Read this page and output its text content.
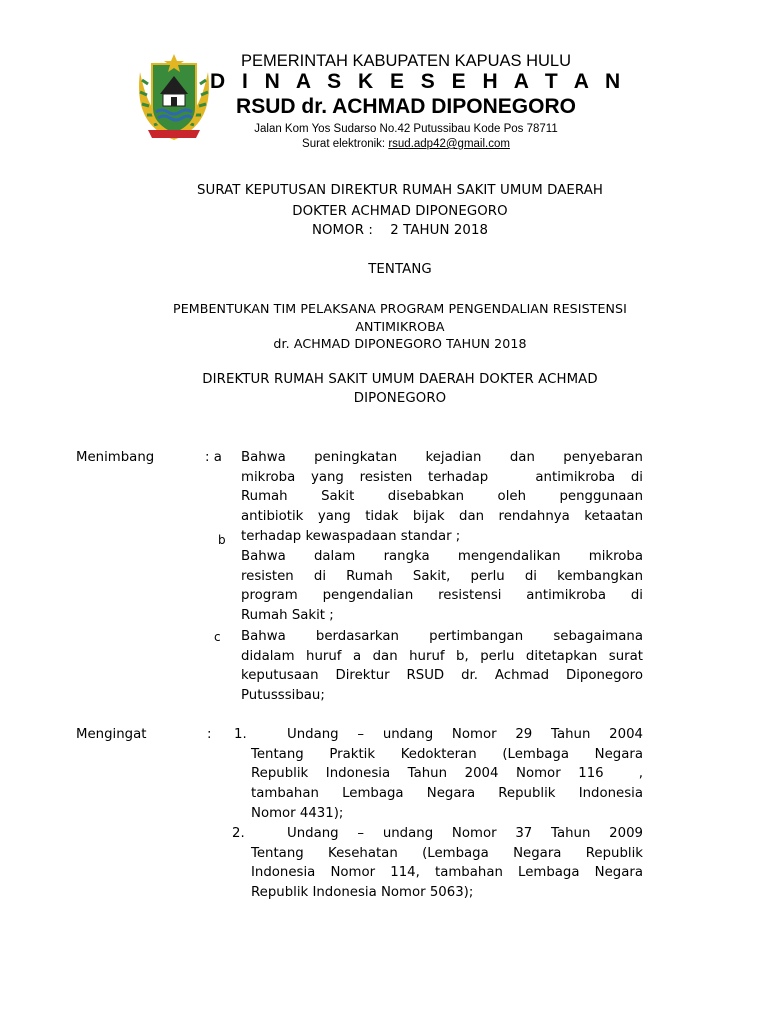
PEMERINTAH KABUPATEN KAPUAS HULU
D I N A S K E S E H A T A N
RSUD dr. ACHMAD DIPONEGORO
Jalan Kom Yos Sudarso No.42 Putussibau Kode Pos 78711
Surat elektronik: rsud.adp42@gmail.com
SURAT KEPUTUSAN DIREKTUR RUMAH SAKIT UMUM DAERAH
DOKTER ACHMAD DIPONEGORO
NOMOR :    2 TAHUN 2018
TENTANG
PEMBENTUKAN TIM PELAKSANA PROGRAM PENGENDALIAN RESISTENSI
ANTIMIKROBA
dr. ACHMAD DIPONEGORO TAHUN 2018
DIREKTUR RUMAH SAKIT UMUM DAERAH DOKTER ACHMAD
DIPONEGORO
Menimbang	: a
b
c
Bahwa peningkatan kejadian dan penyebaran
mikroba yang resisten terhadap   antimikroba di
Rumah Sakit disebabkan oleh penggunaan
antibiotik yang tidak bijak dan rendahnya ketaatan
terhadap kewaspadaan standar ;
Bahwa dalam rangka mengendalikan mikroba
resisten di Rumah Sakit, perlu di kembangkan
program pengendalian resistensi antimikroba di
Rumah Sakit ;
Bahwa berdasarkan pertimbangan sebagaimana
didalam huruf a dan huruf b, perlu ditetapkan surat
keputusaan Direktur RSUD dr. Achmad Diponegoro
Putusssibau;
Mengingat	: 1.
2.
Undang – undang Nomor 29 Tahun 2004
Tentang Praktik Kedokteran (Lembaga Negara
Republik Indonesia Tahun 2004 Nomor 116  ,
tambahan Lembaga Negara Republik Indonesia
Nomor 4431);
Undang – undang Nomor 37 Tahun 2009
Tentang Kesehatan (Lembaga Negara Republik
Indonesia Nomor 114, tambahan Lembaga Negara
Republik Indonesia Nomor 5063);
